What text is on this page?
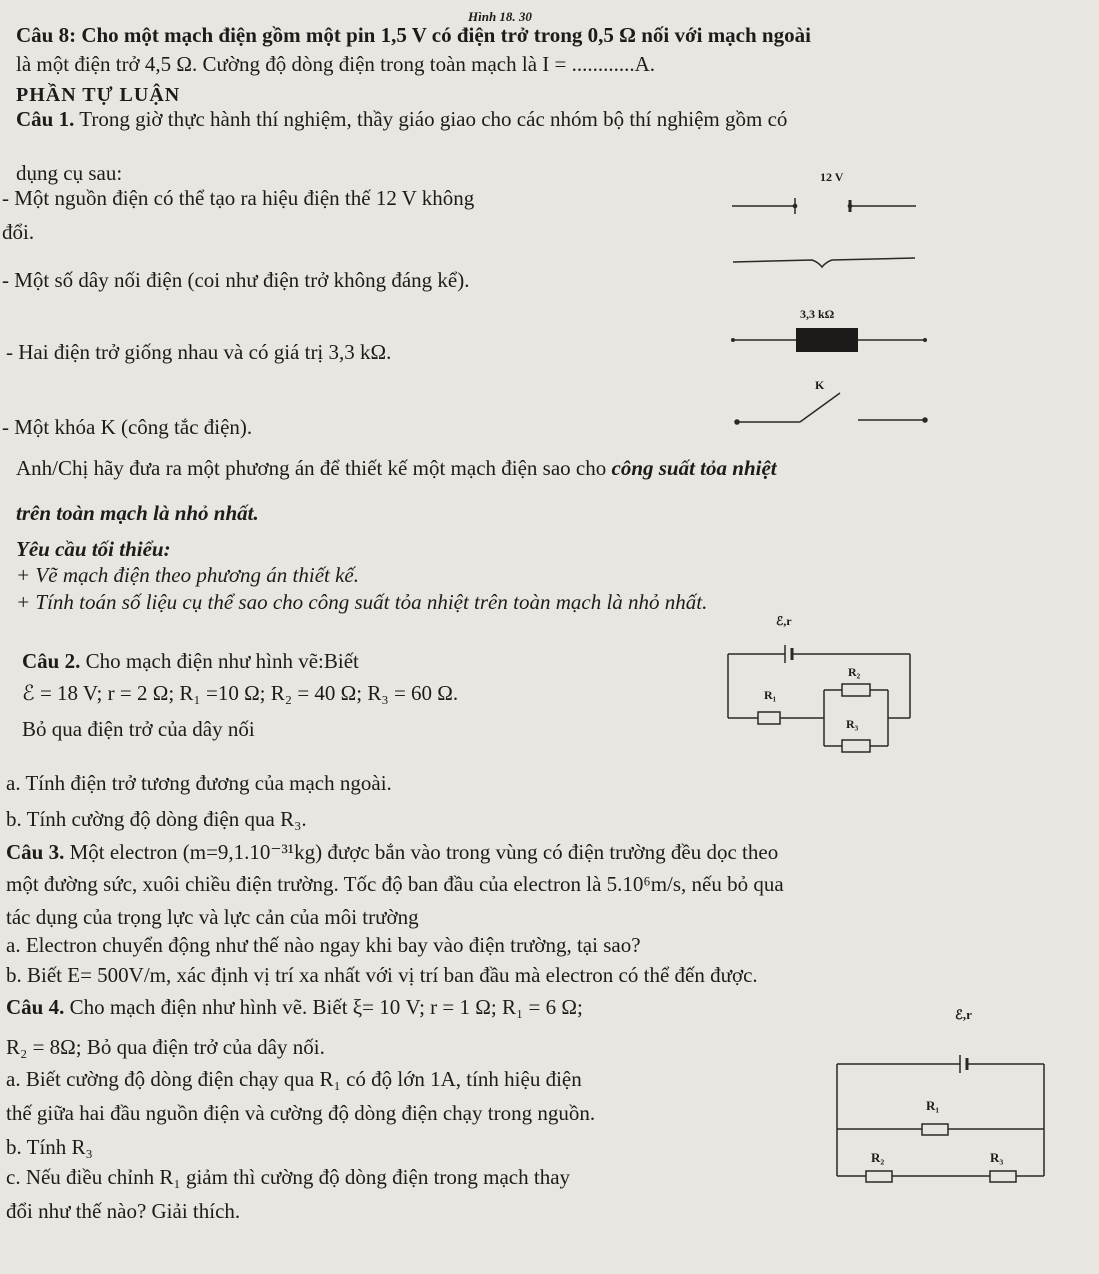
Hình 18. 30
Câu 8: Cho một mạch điện gồm một pin 1,5 V có điện trở trong 0,5 Ω nối với mạch ngoài
là một điện trở 4,5 Ω. Cường độ dòng điện trong toàn mạch là I = ............A.
PHẦN TỰ LUẬN
Câu 1. Trong giờ thực hành thí nghiệm, thầy giáo giao cho các nhóm bộ thí nghiệm gồm có
dụng cụ sau:
- Một nguồn điện có thể tạo ra hiệu điện thế 12 V không
đổi.
- Một số dây nối điện (coi như điện trở không đáng kể).
- Hai điện trở giống nhau và có giá trị 3,3 kΩ.
- Một khóa K (công tắc điện).
12 V
3,3 kΩ
K
Anh/Chị hãy đưa ra một phương án để thiết kế một mạch điện sao cho công suất tỏa nhiệt
trên toàn mạch là nhỏ nhất.
Yêu cầu tối thiểu:
+ Vẽ mạch điện theo phương án thiết kế.
+ Tính toán số liệu cụ thể sao cho công suất tỏa nhiệt trên toàn mạch là nhỏ nhất.
Câu 2. Cho mạch điện như hình vẽ:Biết
ℰ = 18 V; r = 2 Ω; R₁ =10 Ω; R₂ = 40 Ω; R₃ = 60 Ω.
Bỏ qua điện trở của dây nối
ℰ,r
R₂
R₁
R₃
a. Tính điện trở tương đương của mạch ngoài.
b. Tính cường độ dòng điện qua R₃.
Câu 3. Một electron (m=9,1.10⁻³¹kg) được bắn vào trong vùng có điện trường đều dọc theo
một đường sức, xuôi chiều điện trường. Tốc độ ban đầu của electron là 5.10⁶m/s, nếu bỏ qua
tác dụng của trọng lực và lực cản của môi trường
a. Electron chuyển động như thế nào ngay khi bay vào điện trường, tại sao?
b. Biết E= 500V/m, xác định vị trí xa nhất với vị trí ban đầu mà electron có thể đến được.
Câu 4. Cho mạch điện như hình vẽ. Biết ξ= 10 V; r = 1 Ω; R₁ = 6 Ω;
R₂ = 8Ω; Bỏ qua điện trở của dây nối.
a. Biết cường độ dòng điện chạy qua R₁ có độ lớn 1A, tính hiệu điện
thế giữa hai đầu nguồn điện và cường độ dòng điện chạy trong nguồn.
b. Tính R₃
c. Nếu điều chỉnh R₁ giảm thì cường độ dòng điện trong mạch thay
đổi như thế nào? Giải thích.
ℰ,r
R₁
R₂	R₃
